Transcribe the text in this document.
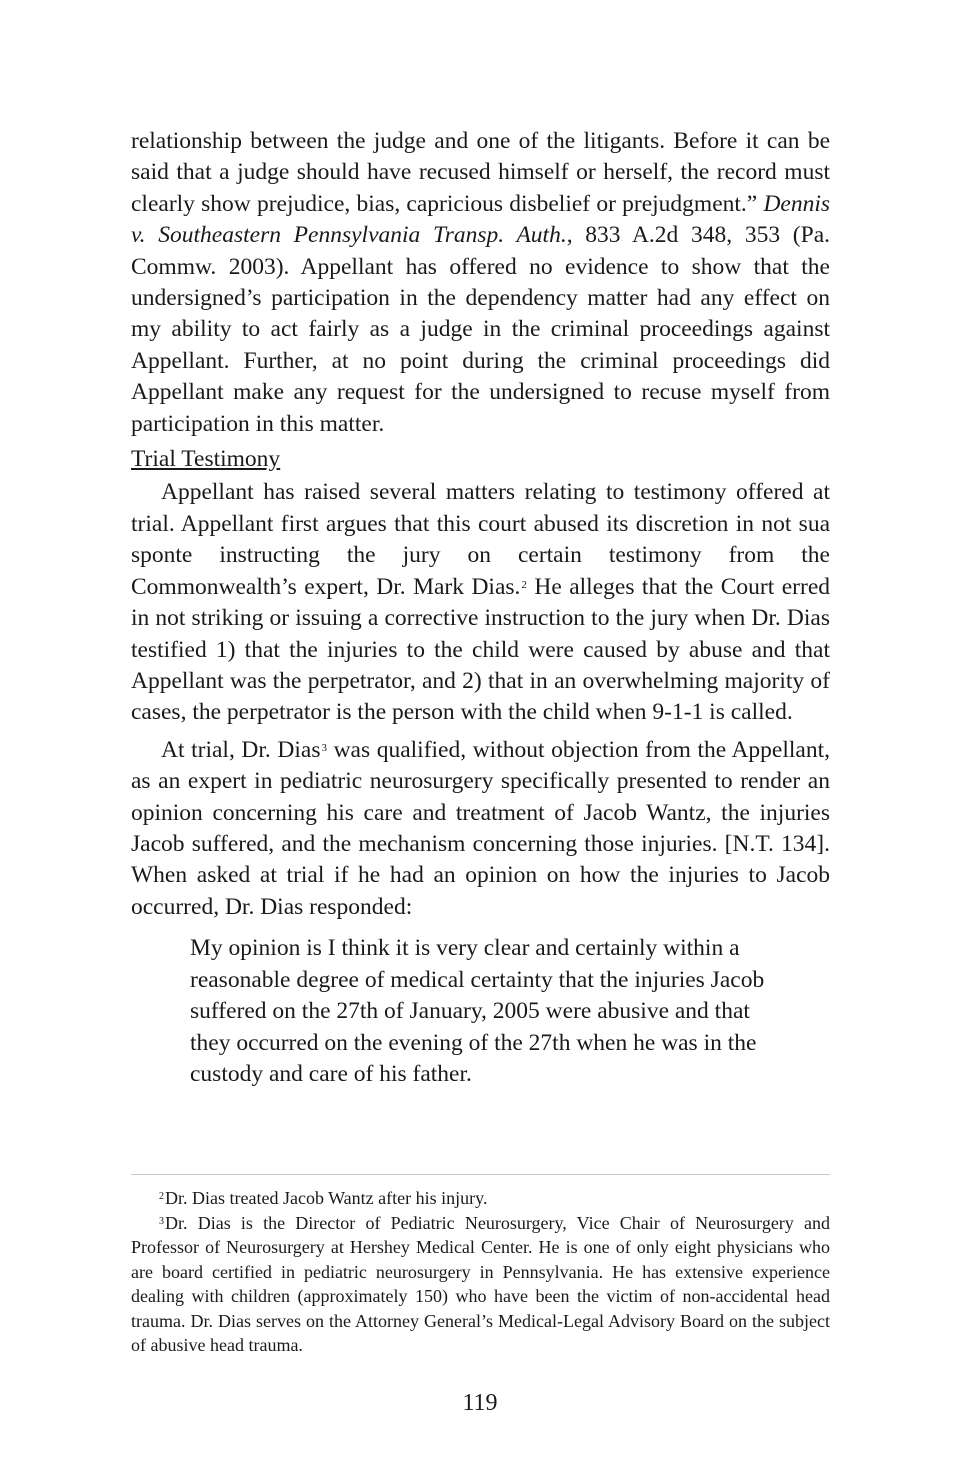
relationship between the judge and one of the litigants. Before it can be said that a judge should have recused himself or herself, the record must clearly show prejudice, bias, capricious disbelief or prejudgment.” Dennis v. Southeastern Pennsylvania Transp. Auth., 833 A.2d 348, 353 (Pa. Commw. 2003). Appellant has offered no evidence to show that the undersigned’s participation in the dependency matter had any effect on my ability to act fairly as a judge in the criminal proceedings against Appellant. Further, at no point during the criminal proceedings did Appellant make any request for the undersigned to recuse myself from participation in this matter.

Trial Testimony

Appellant has raised several matters relating to testimony offered at trial. Appellant first argues that this court abused its discretion in not sua sponte instructing the jury on certain testimony from the Commonwealth’s expert, Dr. Mark Dias.$^2$ He alleges that the Court erred in not striking or issuing a corrective instruction to the jury when Dr. Dias testified 1) that the injuries to the child were caused by abuse and that Appellant was the perpetrator, and 2) that in an overwhelming majority of cases, the perpetrator is the person with the child when 9-1-1 is called.

At trial, Dr. Dias$^3$ was qualified, without objection from the Appellant, as an expert in pediatric neurosurgery specifically presented to render an opinion concerning his care and treatment of Jacob Wantz, the injuries Jacob suffered, and the mechanism concerning those injuries. [N.T. 134]. When asked at trial if he had an opinion on how the injuries to Jacob occurred, Dr. Dias responded:

My opinion is I think it is very clear and certainly within a reasonable degree of medical certainty that the injuries Jacob suffered on the 27th of January, 2005 were abusive and that they occurred on the evening of the 27th when he was in the custody and care of his father.

$^2$Dr. Dias treated Jacob Wantz after his injury.

$^3$Dr. Dias is the Director of Pediatric Neurosurgery, Vice Chair of Neurosurgery and Professor of Neurosurgery at Hershey Medical Center. He is one of only eight physicians who are board certified in pediatric neurosurgery in Pennsylvania. He has extensive experience dealing with children (approximately 150) who have been the victim of non-accidental head trauma. Dr. Dias serves on the Attorney General’s Medical-Legal Advisory Board on the subject of abusive head trauma.

119
